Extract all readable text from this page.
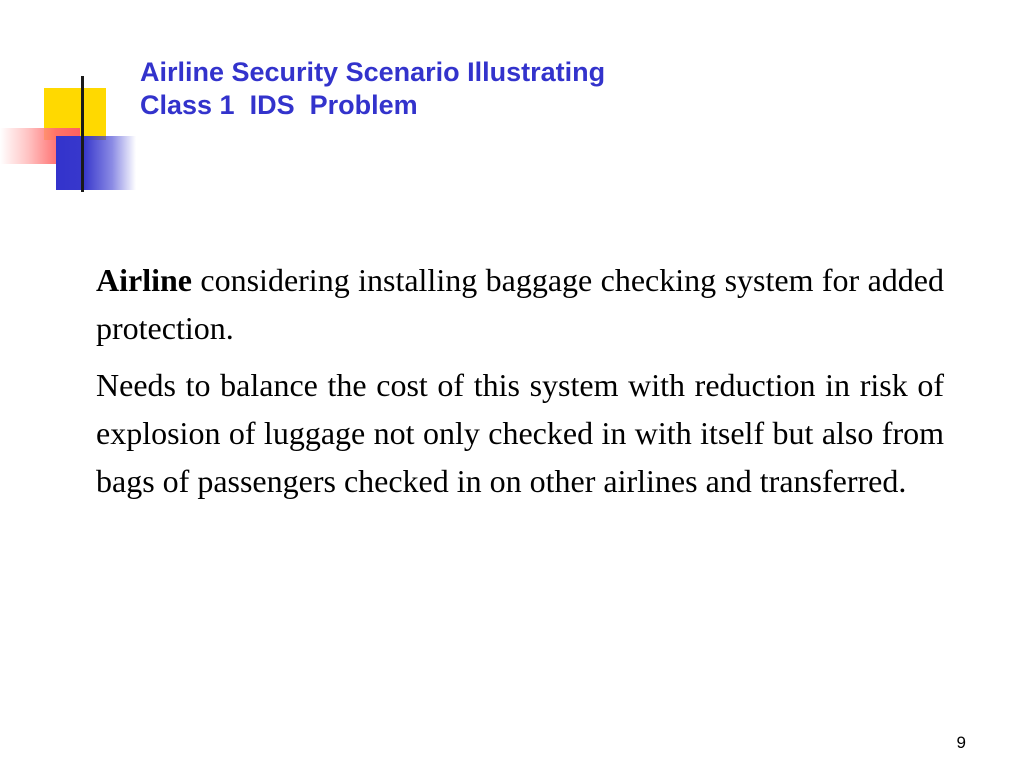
Airline Security Scenario Illustrating
Class 1  IDS  Problem

Airline considering installing baggage checking system for added protection.

Needs to balance the cost of this system with reduction in risk of explosion of luggage not only checked in with itself but also from bags of passengers checked in on other airlines and transferred.

9
